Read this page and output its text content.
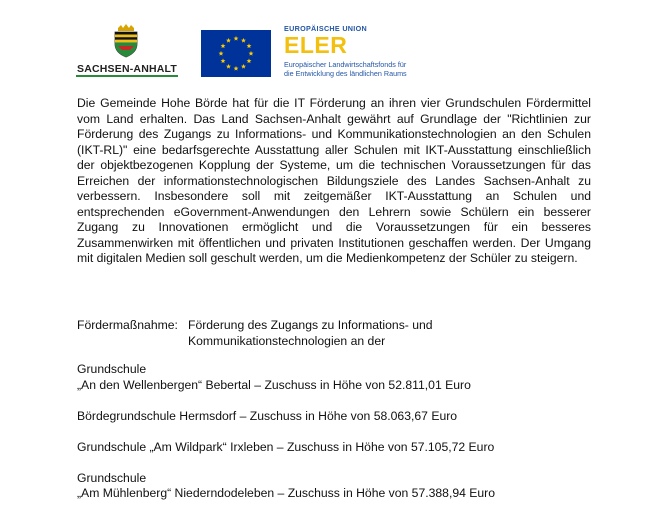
SACHSEN-ANHALT
EUROPÄISCHE UNION
ELER
Europäischer Landwirtschaftsfonds für
die Entwicklung des ländlichen Raums

Die Gemeinde Hohe Börde hat für die IT Förderung an ihren vier Grundschulen Fördermittel vom Land erhalten. Das Land Sachsen-Anhalt gewährt auf Grundlage der "Richtlinien zur Förderung des Zugangs zu Informations- und Kommunikationstechnologien an den Schulen (IKT-RL)" eine bedarfsgerechte Ausstattung aller Schulen mit IKT-Ausstattung einschließlich der objektbezogenen Kopplung der Systeme, um die technischen Voraussetzungen für das Erreichen der informationstechnologischen Bildungsziele des Landes Sachsen-Anhalt zu verbessern. Insbesondere soll mit zeitgemäßer IKT-Ausstattung an Schulen und entsprechenden eGovernment-Anwendungen den Lehrern sowie Schülern ein besserer Zugang zu Innovationen ermöglicht und die Voraussetzungen für ein besseres Zusammenwirken mit öffentlichen und privaten Institutionen geschaffen werden. Der Umgang mit digitalen Medien soll geschult werden, um die Medienkompetenz der Schüler zu steigern.

Fördermaßnahme: Förderung des Zugangs zu Informations- und
Kommunikationstechnologien an der
Grundschule
„An den Wellenbergen“ Bebertal – Zuschuss in Höhe von 52.811,01 Euro
Bördegrundschule Hermsdorf – Zuschuss in Höhe von 58.063,67 Euro
Grundschule „Am Wildpark“ Irxleben – Zuschuss in Höhe von 57.105,72 Euro
Grundschule
„Am Mühlenberg“ Niederndodeleben – Zuschuss in Höhe von 57.388,94 Euro
